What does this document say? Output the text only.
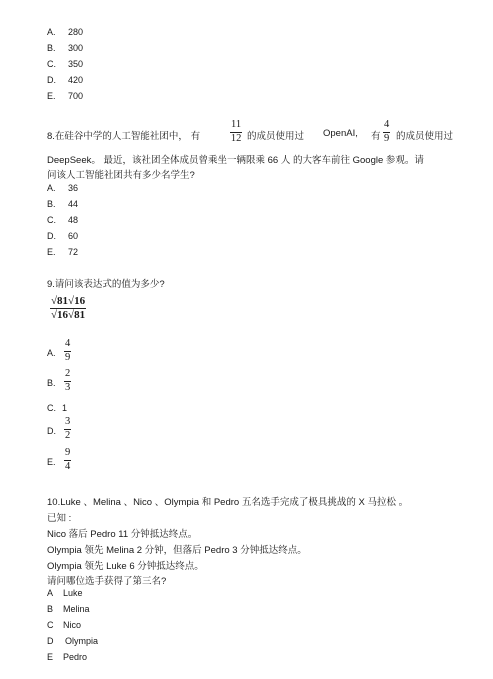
A. 280
B. 300
C. 350
D. 420
E. 700
8.在硅谷中学的人工智能社团中， 有
11
12 的成员使用过 OpenAI, 有
4
9 的成员使用过
DeepSeek。 最近，该社团全体成员曾乘坐一辆限乘 66 人 的大客车前往 Google 参观。请
问该人工智能社团共有多少名学生?
A. 36
B. 44
C. 48
D. 60
E. 72
9.请问该表达式的值为多少?
√81√16
√16√81
A.
4
9
B.
2
3
C. 1
D.
3
2
E.
9
4
10.Luke 、Melina 、Nico 、Olympia 和 Pedro 五名选手完成了极具挑战的 X 马拉松 。
已知 :
Nico 落后 Pedro 11 分钟抵达终点。
Olympia 领先 Melina 2 分钟，但落后 Pedro 3 分钟抵达终点。
Olympia 领先 Luke 6 分钟抵达终点。
请问哪位选手获得了第三名?
A Luke
B Melina
C Nico
D Olympia
E Pedro
